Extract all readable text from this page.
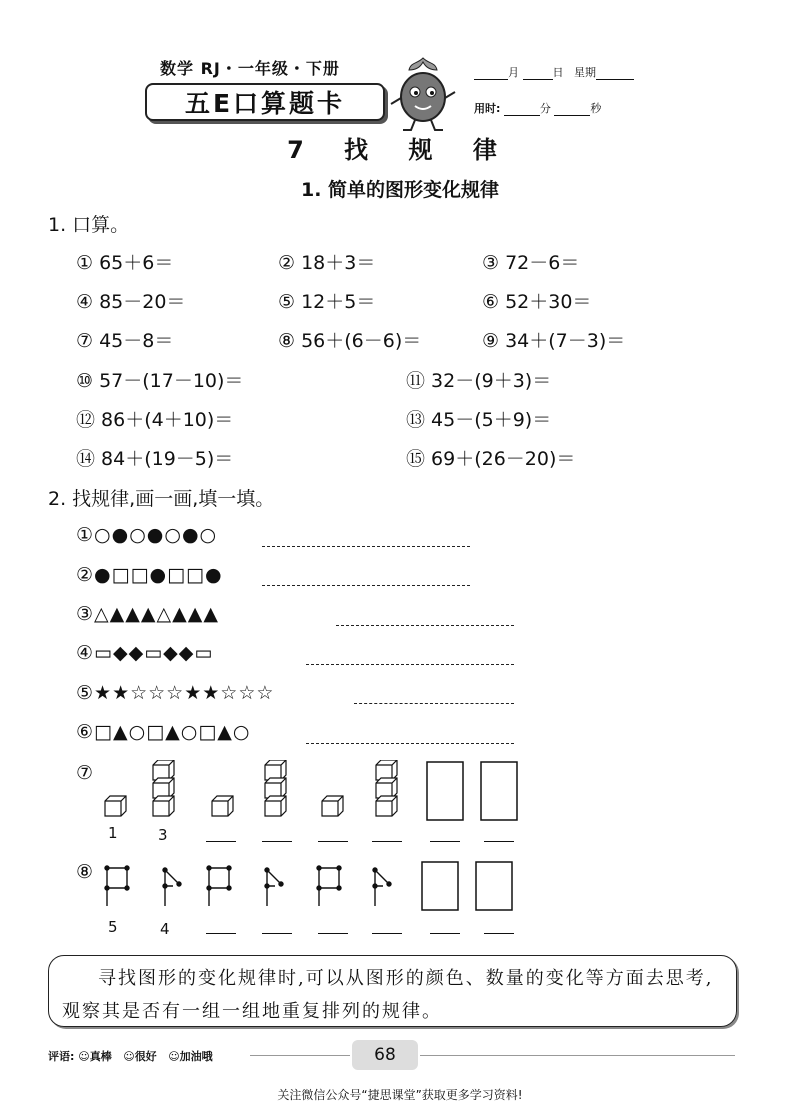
数学 RJ・一年级・下册
五E口算题卡
月	日 星期
用时:	分	秒
7 找 规 律
1. 简单的图形变化规律
1. 口算。
① 65＋6＝	② 18＋3＝	③ 72－6＝
④ 85－20＝	⑤ 12＋5＝	⑥ 52＋30＝
⑦ 45－8＝	⑧ 56＋(6－6)＝	⑨ 34＋(7－3)＝
⑩ 57－(17－10)＝	⑪ 32－(9＋3)＝
⑫ 86＋(4＋10)＝	⑬ 45－(5＋9)＝
⑭ 84＋(19－5)＝	⑮ 69＋(26－20)＝
2. 找规律,画一画,填一填。
①○●○●○●○
②●□□●□□●
③△▲▲▲△▲▲▲
④▭◆◆▭◆◆▭
⑤★★☆☆☆★★☆☆☆
⑥□▲○□▲○□▲○
⑦
1	3
⑧
5	4
寻找图形的变化规律时,可以从图形的颜色、数量的变化等方面去思考,观察其是否有一组一组地重复排列的规律。
评语: ☺真棒 ☺很好 ☺加油哦	68
关注微信公众号“捷思课堂”获取更多学习资料!
